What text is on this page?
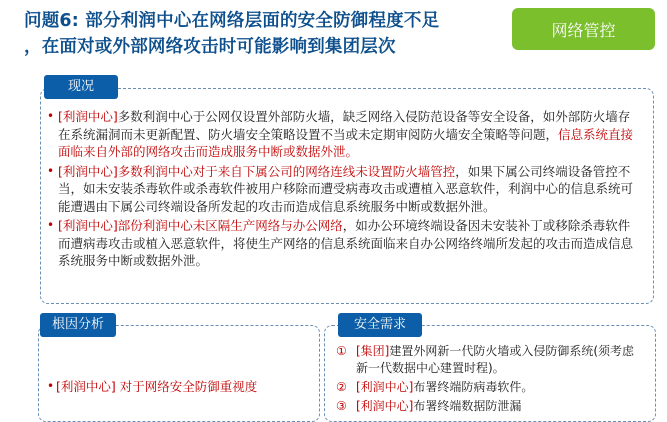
问题6: 部分利润中心在网络层面的安全防御程度不足
，在面对或外部网络攻击时可能影响到集团层次
网络管控
现况
• [利润中心]多数利润中心于公网仅设置外部防火墙，缺乏网络入侵防范设备等安全设备，如外部防火墙存在系统漏洞而未更新配置、防火墙安全策略设置不当或未定期审阅防火墙安全策略等问题，信息系统直接面临来自外部的网络攻击而造成服务中断或数据外泄。
• [利润中心]多数利润中心对于来自下属公司的网络连线未设置防火墙管控，如果下属公司终端设备管控不当，如未安装杀毒软件或杀毒软件被用户移除而遭受病毒攻击或遭植入恶意软件，利润中心的信息系统可能遭遇由下属公司终端设备所发起的攻击而造成信息系统服务中断或数据外泄。
• [利润中心]部份利润中心未区隔生产网络与办公网络，如办公环境终端设备因未安装补丁或移除杀毒软件而遭病毒攻击或植入恶意软件，将使生产网络的信息系统面临来自办公网络终端所发起的攻击而造成信息系统服务中断或数据外泄。
根因分析
• [利润中心] 对于网络安全防御重视度
安全需求
① [集团]建置外网新一代防火墙或入侵防御系统(须考虑新一代数据中心建置时程)。
② [利润中心]布署终端防病毒软件。
③ [利润中心]布署终端数据防泄漏
